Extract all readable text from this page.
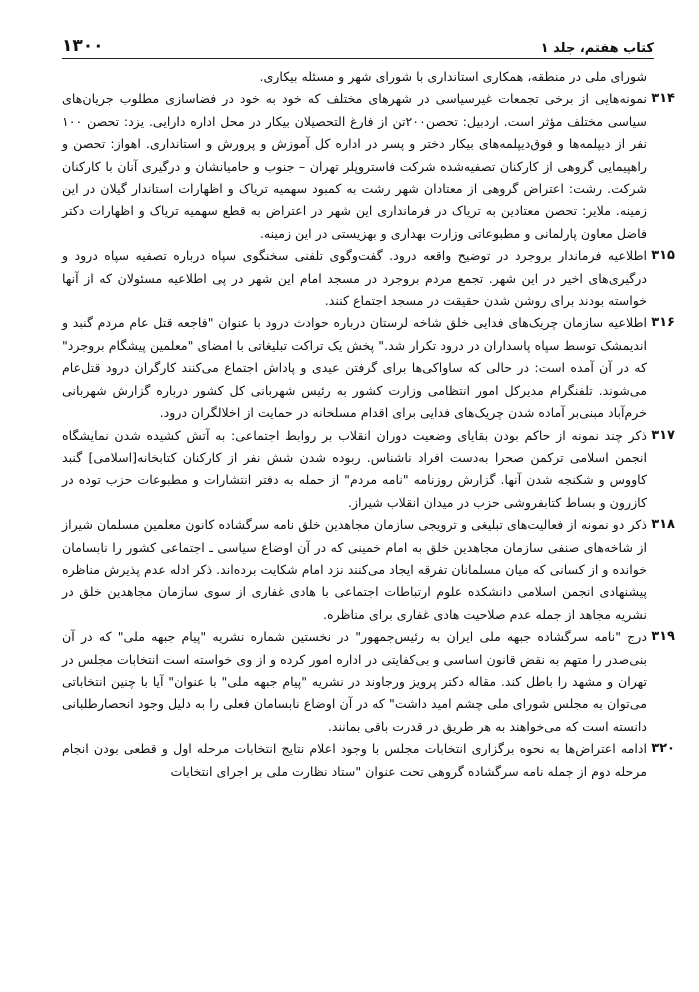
کتاب هفتم، جلد ۱
۱۳۰۰

شورای ملی در منطقه، همکاری استانداری با شورای شهر و مسئله بیکاری.

۳۱۴
نمونه‌هایی از برخی تجمعات غیرسیاسی در شهرهای مختلف که خود به خود در فضاسازی مطلوب جریان‌های سیاسی مختلف مؤثر است. اردبیل: تحصن۲۰۰تن از فارغ التحصیلان بیکار در محل اداره دارایی. یزد: تحصن ۱۰۰ نفر از دیپلمه‌ها و فوق‌دیپلمه‌های بیکار دختر و پسر در اداره کل آموزش و پرورش و استانداری. اهواز: تحصن و راهپیمایی گروهی از کارکنان تصفیه‌شده شرکت فاستروپلر تهران – جنوب و حامیانشان و درگیری آنان با کارکنان شرکت. رشت: اعتراض گروهی از معتادان شهر رشت به کمبود سهمیه تریاک و اظهارات استاندار گیلان در این زمینه. ملایر: تحصن معتادین به تریاک در فرمانداری این شهر در اعتراض به قطع سهمیه تریاک و اظهارات دکتر فاضل معاون پارلمانی و مطبوعاتی وزارت بهداری و بهزیستی در این زمینه.

۳۱۵
اطلاعیه فرماندار بروجرد در توضیح واقعه درود. گفت‌وگوی تلفنی سخنگوی سپاه درباره تصفیه سپاه درود و درگیری‌های اخیر در این شهر. تجمع مردم بروجرد در مسجد امام این شهر در پی اطلاعیه مسئولان که از آنها خواسته بودند برای روشن شدن حقیقت در مسجد اجتماع کنند.

۳۱۶
اطلاعیه سازمان چریک‌های فدایی خلق شاخه لرستان درباره حوادث درود با عنوان "فاجعه قتل عام مردم گنبد و اندیمشک توسط سپاه پاسداران در درود تکرار شد." پخش یک تراکت تبلیغاتی با امضای "معلمین پیشگام بروجرد" که در آن آمده است: در حالی که ساواکی‌ها برای گرفتن عیدی و پاداش اجتماع می‌کنند کارگران درود قتل‌عام می‌شوند. تلفنگرام مدیرکل امور انتظامی وزارت کشور به رئیس شهربانی کل کشور درباره گزارش شهربانی خرم‌آباد مبنی‌بر آماده شدن چریک‌های فدایی برای اقدام مسلحانه در حمایت از اخلالگران درود.

۳۱۷
ذکر چند نمونه از حاکم بودن بقایای وضعیت دوران انقلاب بر روابط اجتماعی: به آتش کشیده شدن نمایشگاه انجمن اسلامی ترکمن صحرا به‌دست افراد ناشناس. ربوده شدن شش نفر از کارکنان کتابخانه[اسلامی] گنبد کاووس و شکنجه شدن آنها. گزارش روزنامه "نامه مردم" از حمله به دفتر انتشارات و مطبوعات حزب توده در کازرون و بساط کتابفروشی حزب در میدان انقلاب شیراز.

۳۱۸
ذکر دو نمونه از فعالیت‌های تبلیغی و ترویجی سازمان مجاهدین خلق نامه سرگشاده کانون معلمین مسلمان شیراز از شاخه‌های صنفی سازمان مجاهدین خلق به امام خمینی که در آن اوضاع سیاسی ـ اجتماعی کشور را نابسامان خوانده و از کسانی که میان مسلمانان تفرقه ایجاد می‌کنند نزد امام شکایت برده‌اند. ذکر ادله عدم پذیرش مناظره پیشنهادی انجمن اسلامی دانشکده علوم ارتباطات اجتماعی با هادی غفاری از سوی سازمان مجاهدین خلق در نشریه مجاهد از جمله عدم صلاحیت هادی غفاری برای مناظره.

۳۱۹
درج "نامه سرگشاده جبهه ملی ایران به رئیس‌جمهور" در نخستین شماره نشریه "پیام جبهه ملی" که در آن بنی‌صدر را متهم به نقض قانون اساسی و بی‌کفایتی در اداره امور کرده و از وی خواسته است انتخابات مجلس در تهران و مشهد را باطل کند. مقاله دکتر پرویز ورجاوند در نشریه "پیام جبهه ملی" با عنوان" آیا با چنین انتخاباتی می‌توان به مجلس شورای ملی چشم امید داشت" که در آن اوضاع نابسامان فعلی را به دلیل وجود انحصارطلبانی دانسته است که می‌خواهند به هر طریق در قدرت باقی بمانند.

۳۲۰
ادامه اعتراض‌ها به نحوه برگزاری انتخابات مجلس با وجود اعلام نتایج انتخابات مرحله اول و قطعی بودن انجام مرحله دوم از جمله نامه سرگشاده گروهی تحت عنوان "ستاد نظارت ملی بر اجرای انتخابات
